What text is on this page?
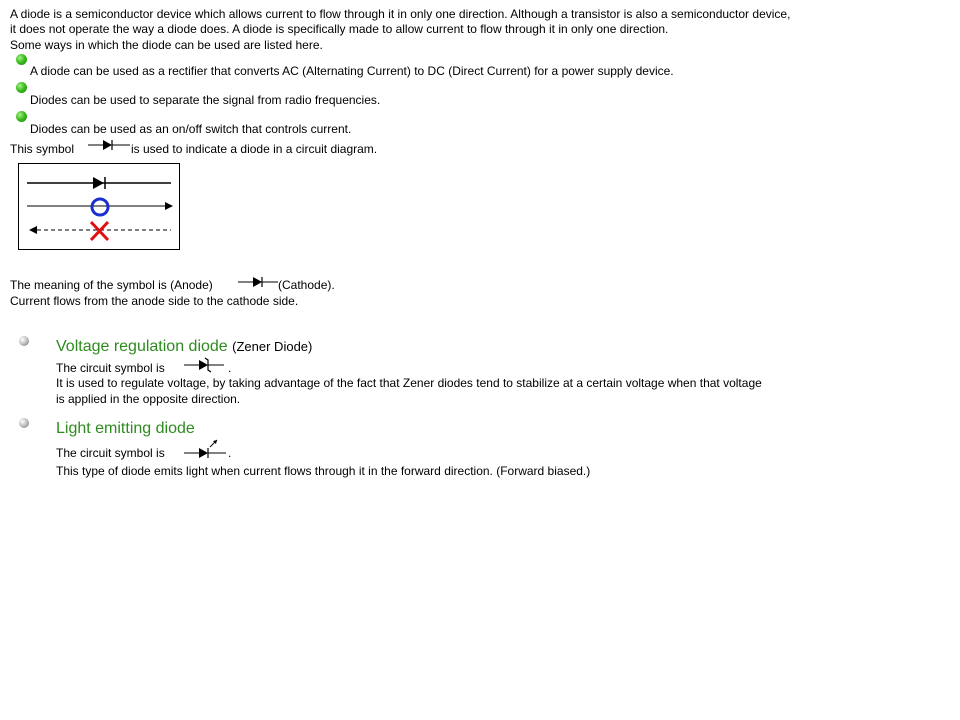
A diode is a semiconductor device which allows current to flow through it in only one direction. Although a transistor is also a semiconductor device,
it does not operate the way a diode does. A diode is specifically made to allow current to flow through it in only one direction.
Some ways in which the diode can be used are listed here.
A diode can be used as a rectifier that converts AC (Alternating Current) to DC (Direct Current) for a power supply device.
Diodes can be used to separate the signal from radio frequencies.
Diodes can be used as an on/off switch that controls current.
This symbol	is used to indicate a diode in a circuit diagram.
The meaning of the symbol is (Anode)	(Cathode).
Current flows from the anode side to the cathode side.
Voltage regulation diode (Zener Diode)
The circuit symbol is	.
It is used to regulate voltage, by taking advantage of the fact that Zener diodes tend to stabilize at a certain voltage when that voltage
is applied in the opposite direction.
Light emitting diode
The circuit symbol is	.
This type of diode emits light when current flows through it in the forward direction. (Forward biased.)
